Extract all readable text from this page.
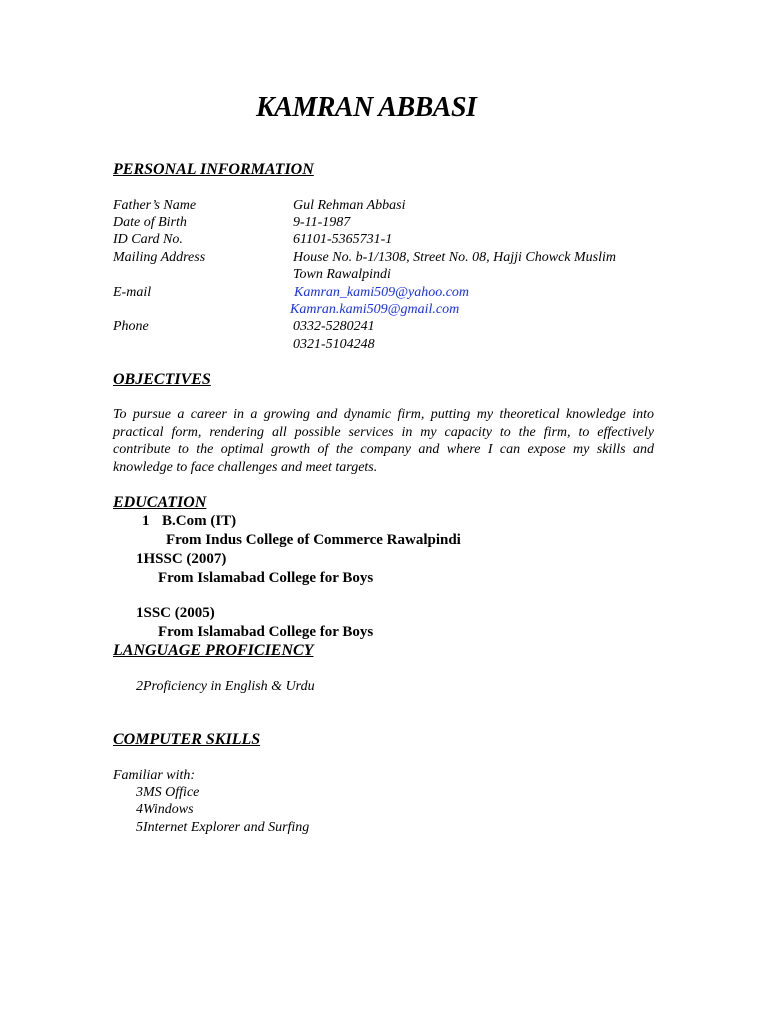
KAMRAN ABBASI
PERSONAL INFORMATION
Father’s Name	Gul Rehman Abbasi
Date of Birth	9-11-1987
ID Card No.	61101-5365731-1
Mailing Address	House No. b-1/1308, Street No. 08, Hajji Chowck Muslim
Town Rawalpindi
E-mail	Kamran_kami509@yahoo.com
Kamran.kami509@gmail.com
Phone	0332-5280241
0321-5104248
OBJECTIVES
To pursue a career in a growing and dynamic firm, putting my theoretical knowledge into practical form, rendering all possible services in my capacity to the firm, to effectively contribute to the optimal growth of the company and where I can expose my skills and knowledge to face challenges and meet targets.
EDUCATION
1 B.Com (IT)
From Indus College of Commerce Rawalpindi
1HSSC (2007)
From Islamabad College for Boys
1SSC (2005)
From Islamabad College for Boys
LANGUAGE PROFICIENCY
2Proficiency in English & Urdu
COMPUTER SKILLS
Familiar with:
3MS Office
4Windows
5Internet Explorer and Surfing
